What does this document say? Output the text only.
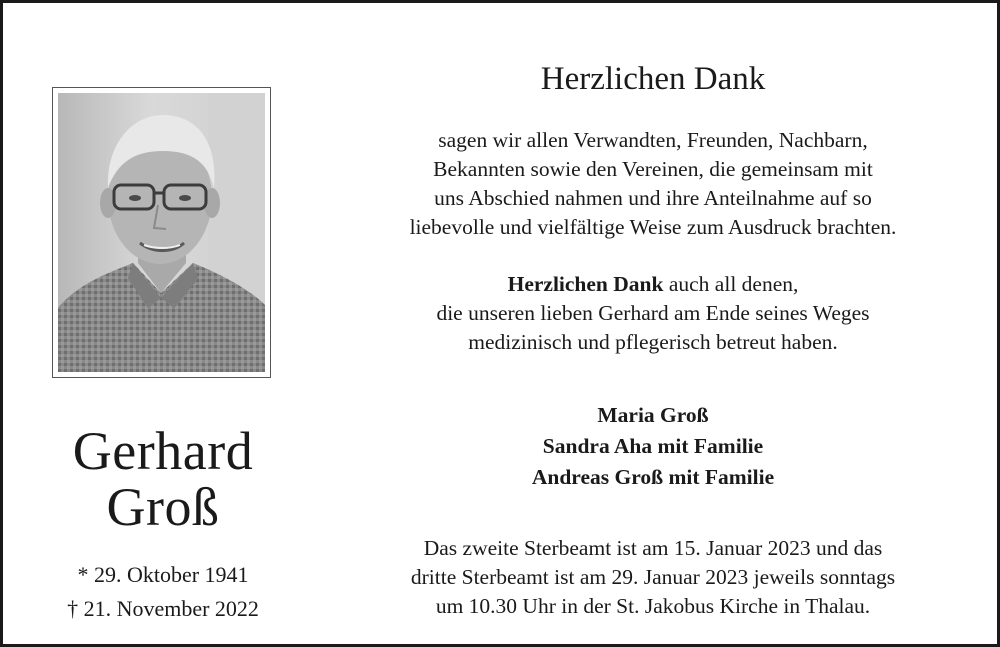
Gerhard
Groß
* 29. Oktober 1941
† 21. November 2022
Herzlichen Dank
sagen wir allen Verwandten, Freunden, Nachbarn,
Bekannten sowie den Vereinen, die gemeinsam mit
uns Abschied nahmen und ihre Anteilnahme auf so
liebevolle und vielfältige Weise zum Ausdruck brachten.
Herzlichen Dank auch all denen,
die unseren lieben Gerhard am Ende seines Weges
medizinisch und pflegerisch betreut haben.
Maria Groß
Sandra Aha mit Familie
Andreas Groß mit Familie
Das zweite Sterbeamt ist am 15. Januar 2023 und das
dritte Sterbeamt ist am 29. Januar 2023 jeweils sonntags
um 10.30 Uhr in der St. Jakobus Kirche in Thalau.
